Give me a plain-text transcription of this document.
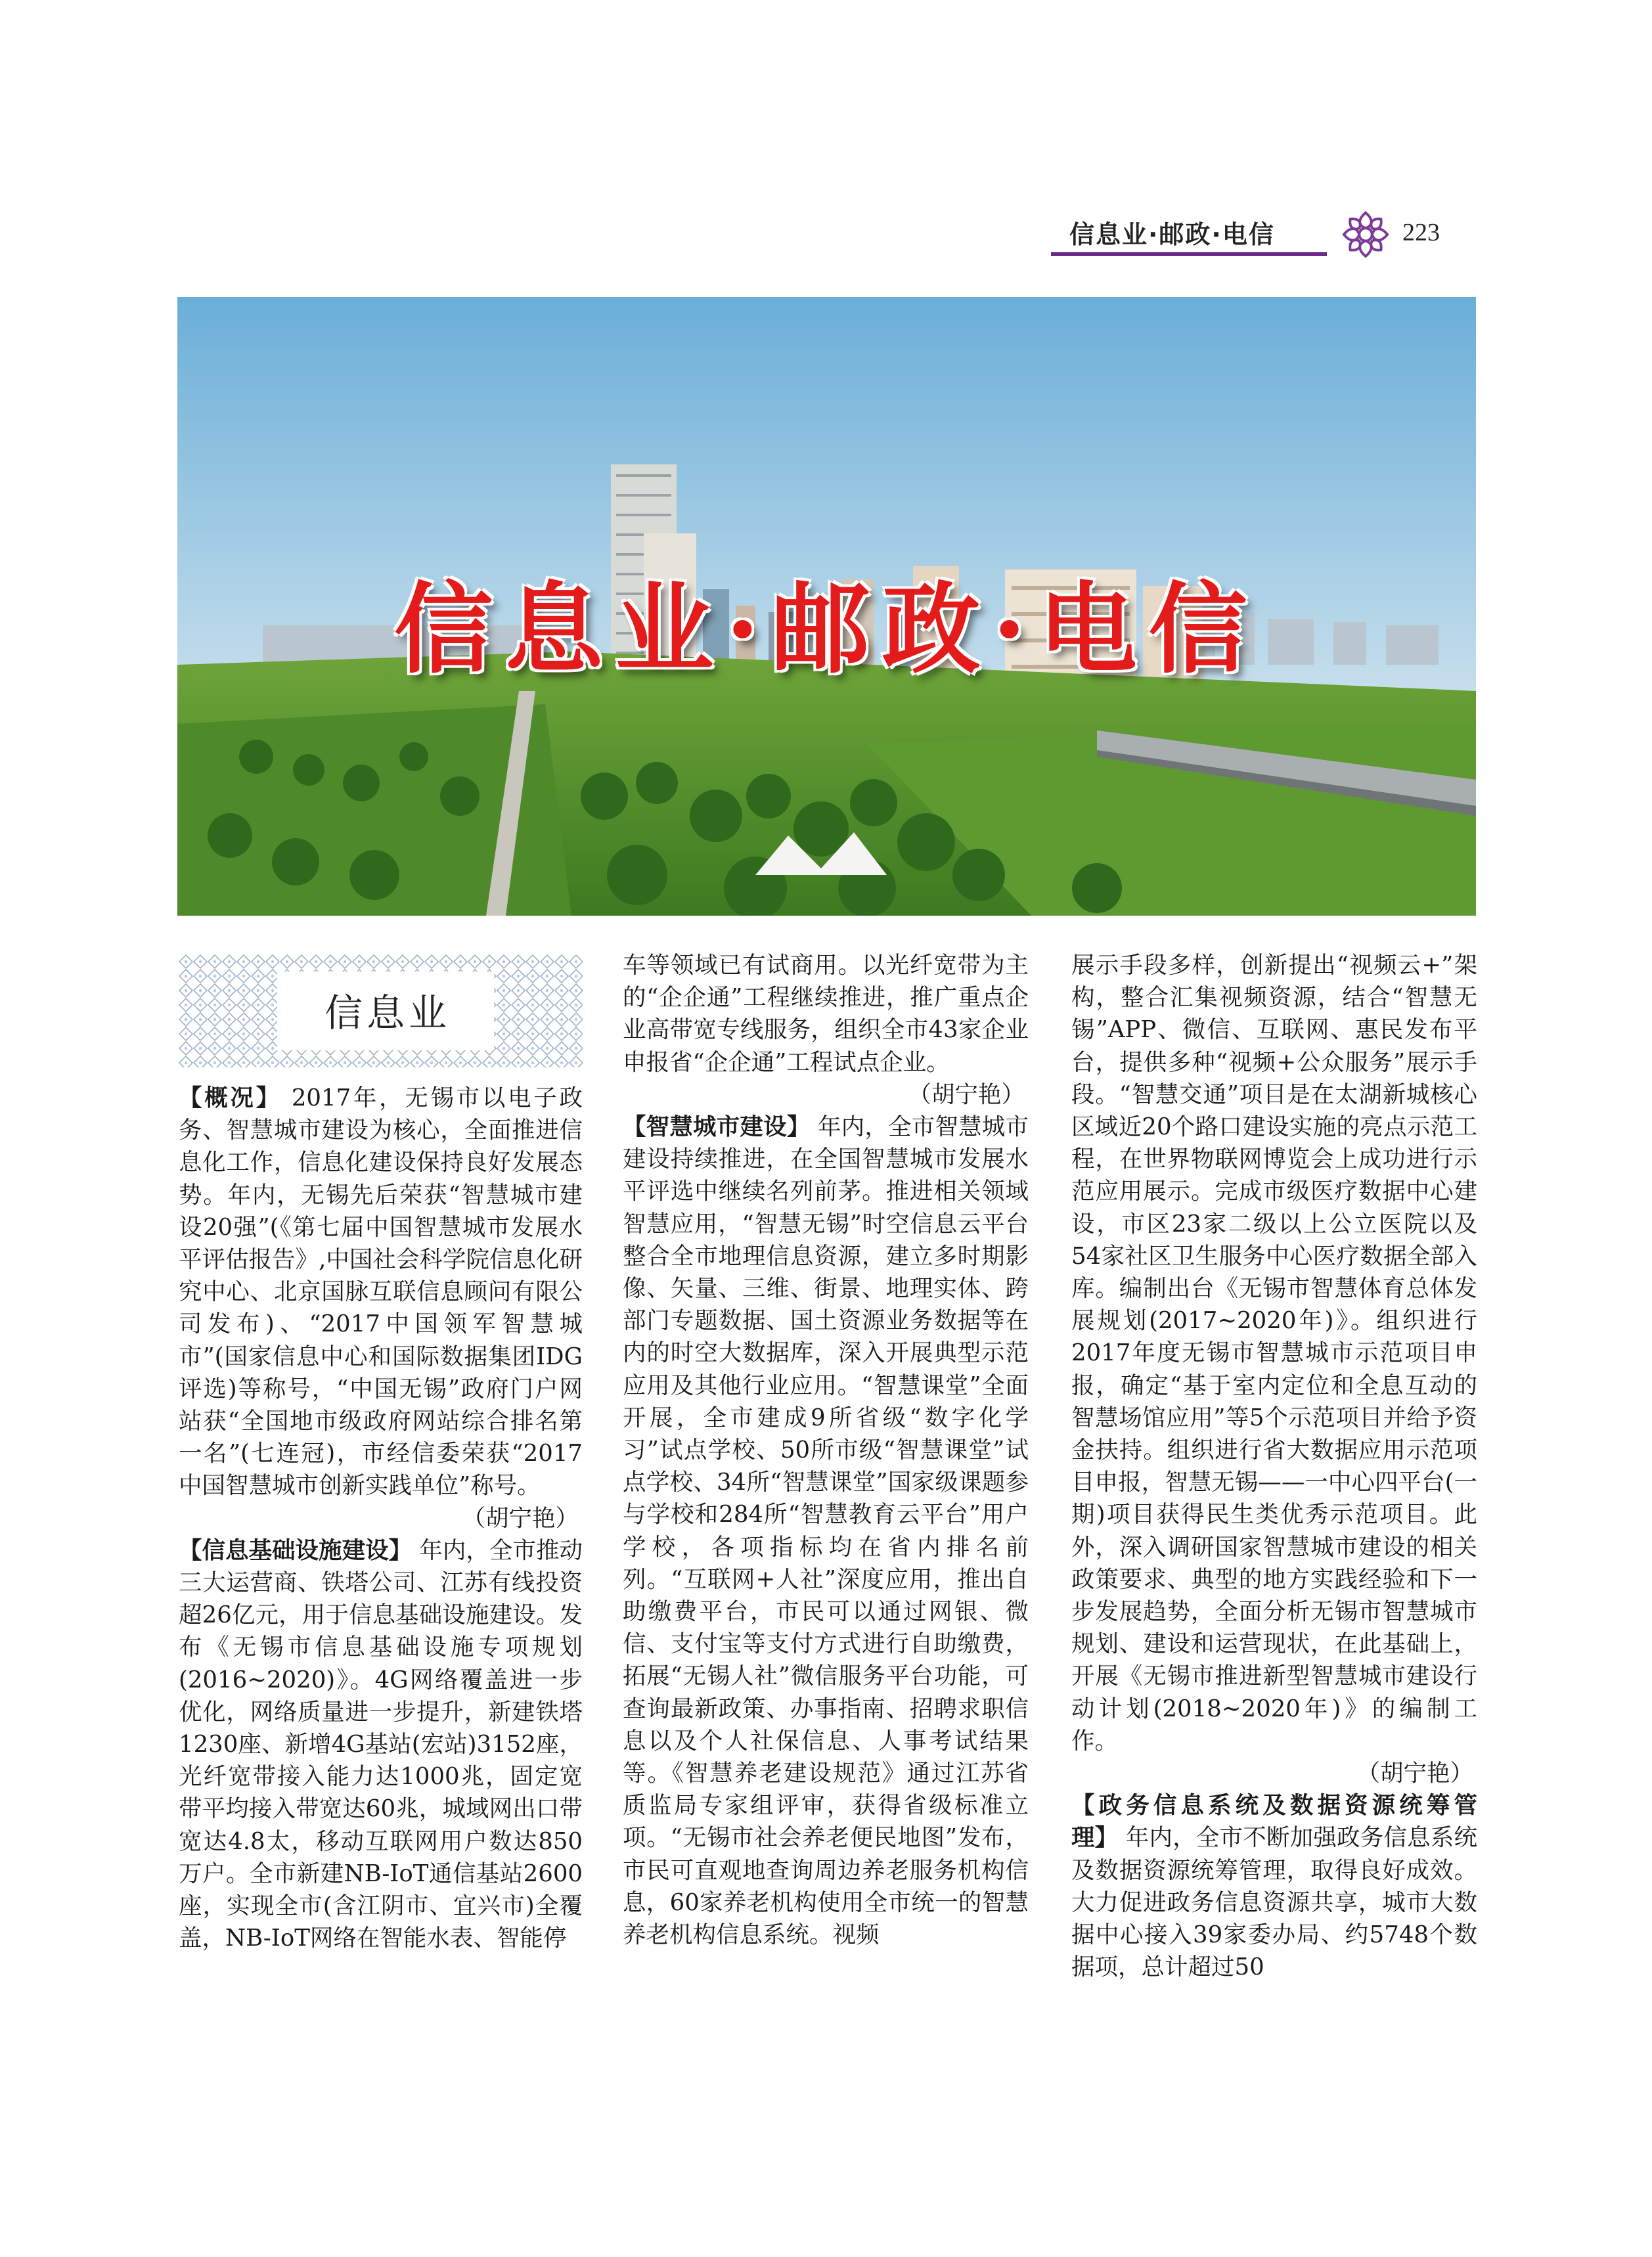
信息业·邮政·电信	223
信息业·邮政·电信
信息业

【概况】 2017年，无锡市以电子政务、智慧城市建设为核心，全面推进信息化工作，信息化建设保持良好发展态势。年内，无锡先后荣获“智慧城市建设20强”(《第七届中国智慧城市发展水平评估报告》,中国社会科学院信息化研究中心、北京国脉互联信息顾问有限公司发布)、“2017中国领军智慧城市”(国家信息中心和国际数据集团IDG评选)等称号，“中国无锡”政府门户网站获“全国地市级政府网站综合排名第一名”(七连冠)，市经信委荣获“2017中国智慧城市创新实践单位”称号。

（胡宁艳）

【信息基础设施建设】 年内，全市推动三大运营商、铁塔公司、江苏有线投资超26亿元，用于信息基础设施建设。发布《无锡市信息基础设施专项规划(2016~2020)》。4G网络覆盖进一步优化，网络质量进一步提升，新建铁塔1230座、新增4G基站(宏站)3152座，光纤宽带接入能力达1000兆，固定宽带平均接入带宽达60兆，城域网出口带宽达4.8太，移动互联网用户数达850万户。全市新建NB-IoT通信基站2600座，实现全市(含江阴市、宜兴市)全覆盖，NB-IoT网络在智能水表、智能停

车等领域已有试商用。以光纤宽带为主的“企企通”工程继续推进，推广重点企业高带宽专线服务，组织全市43家企业申报省“企企通”工程试点企业。

（胡宁艳）

【智慧城市建设】 年内，全市智慧城市建设持续推进，在全国智慧城市发展水平评选中继续名列前茅。推进相关领域智慧应用，“智慧无锡”时空信息云平台整合全市地理信息资源，建立多时期影像、矢量、三维、街景、地理实体、跨部门专题数据、国土资源业务数据等在内的时空大数据库，深入开展典型示范应用及其他行业应用。“智慧课堂”全面开展，全市建成9所省级“数字化学习”试点学校、50所市级“智慧课堂”试点学校、34所“智慧课堂”国家级课题参与学校和284所“智慧教育云平台”用户学校，各项指标均在省内排名前列。“互联网+人社”深度应用，推出自助缴费平台，市民可以通过网银、微信、支付宝等支付方式进行自助缴费，拓展“无锡人社”微信服务平台功能，可查询最新政策、办事指南、招聘求职信息以及个人社保信息、人事考试结果等。《智慧养老建设规范》通过江苏省质监局专家组评审，获得省级标准立项。“无锡市社会养老便民地图”发布，市民可直观地查询周边养老服务机构信息，60家养老机构使用全市统一的智慧养老机构信息系统。视频

展示手段多样，创新提出“视频云+”架构，整合汇集视频资源，结合“智慧无锡”APP、微信、互联网、惠民发布平台，提供多种“视频+公众服务”展示手段。“智慧交通”项目是在太湖新城核心区域近20个路口建设实施的亮点示范工程，在世界物联网博览会上成功进行示范应用展示。完成市级医疗数据中心建设，市区23家二级以上公立医院以及54家社区卫生服务中心医疗数据全部入库。编制出台《无锡市智慧体育总体发展规划(2017~2020年)》。组织进行2017年度无锡市智慧城市示范项目申报，确定“基于室内定位和全息互动的智慧场馆应用”等5个示范项目并给予资金扶持。组织进行省大数据应用示范项目申报，智慧无锡——一中心四平台(一期)项目获得民生类优秀示范项目。此外，深入调研国家智慧城市建设的相关政策要求、典型的地方实践经验和下一步发展趋势，全面分析无锡市智慧城市规划、建设和运营现状，在此基础上，开展《无锡市推进新型智慧城市建设行动计划(2018~2020年)》的编制工作。

（胡宁艳）

【政务信息系统及数据资源统筹管理】 年内，全市不断加强政务信息系统及数据资源统筹管理，取得良好成效。大力促进政务信息资源共享，城市大数据中心接入39家委办局、约5748个数据项，总计超过50
